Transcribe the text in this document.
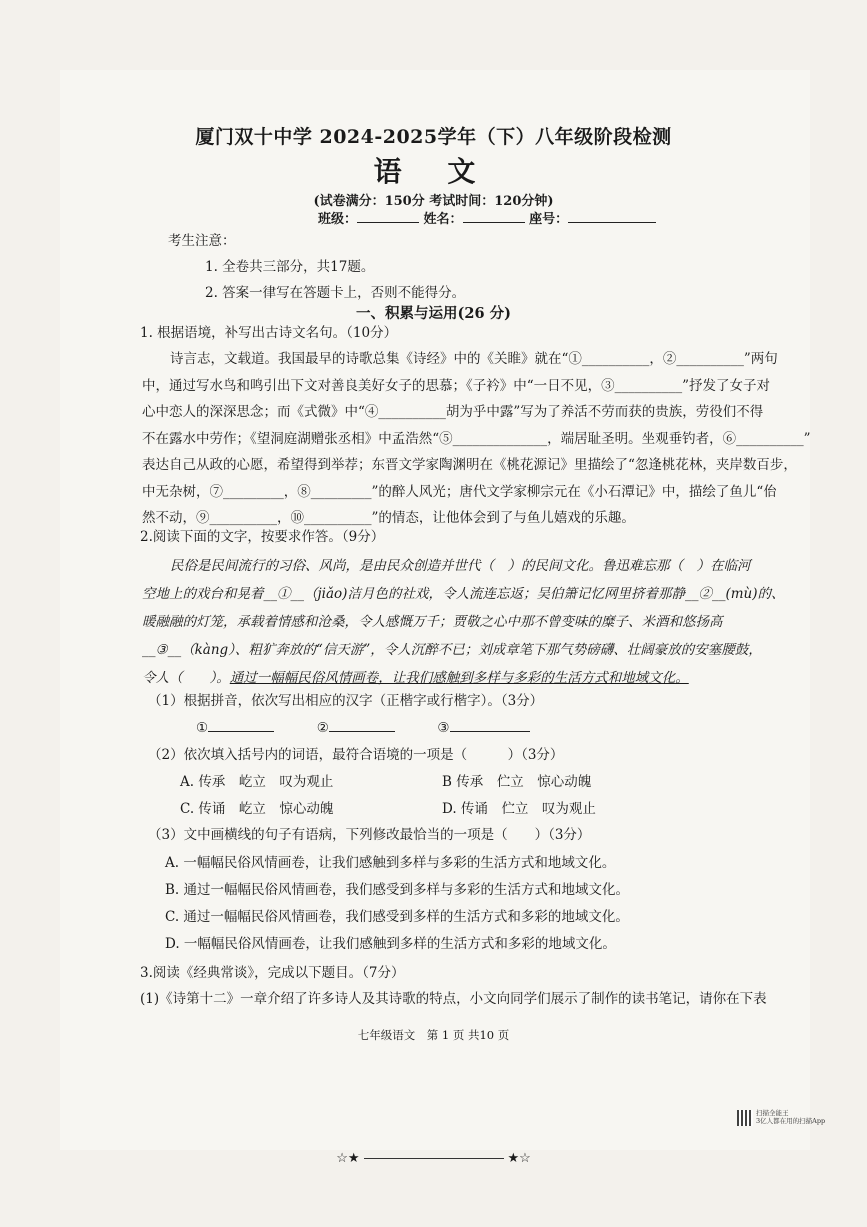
厦门双十中学 2024-2025学年（下）八年级阶段检测
语 文
(试卷满分：150分 考试时间：120分钟)
班级：	姓名：	座号：
考生注意：
1. 全卷共三部分，共17题。
2. 答案一律写在答题卡上，否则不能得分。
一、积累与运用(26 分)
1. 根据语境，补写出古诗文名句。（10分）
诗言志，文载道。我国最早的诗歌总集《诗经》中的《关睢》就在“①__________，②__________”两句
中，通过写水鸟和鸣引出下文对善良美好女子的思慕；《子衿》中“一日不见，③__________”抒发了女子对
心中恋人的深深思念；而《式微》中“④__________胡为乎中露”写为了养活不劳而获的贵族，劳役们不得
不在露水中劳作；《望洞庭湖赠张丞相》中孟浩然“⑤______________，端居耻圣明。坐观垂钓者，⑥__________”
表达自己从政的心愿，希望得到举荐；东晋文学家陶渊明在《桃花源记》里描绘了“忽逢桃花林，夹岸数百步，
中无杂树，⑦_________，⑧_________”的醉人风光；唐代文学家柳宗元在《小石潭记》中，描绘了鱼儿“佁
然不动，⑨__________，⑩__________”的情态，让他体会到了与鱼儿嬉戏的乐趣。
2.阅读下面的文字，按要求作答。（9分）
民俗是民间流行的习俗、风尚，是由民众创造并世代（　）的民间文化。鲁迅难忘那（　）在临河
空地上的戏台和晃着__①__（jiǎo)洁月色的社戏，令人流连忘返；吴伯箫记忆网里挤着那静__②__(mù)的、
暖融融的灯笼，承载着情感和沧桑，令人感慨万千；贾敬之心中那不曾变味的糜子、米酒和悠扬高
__③__（kàng）、粗犷奔放的“信天游”，令人沉醉不已；刘成章笔下那气势磅礴、壮阔豪放的安塞腰鼓，
令人（　　）。通过一幅幅民俗风情画卷，让我们感触到多样与多彩的生活方式和地域文化。
（1）根据拼音，依次写出相应的汉字（正楷字或行楷字）。（3分）
①	②	③
（2）依次填入括号内的词语，最符合语境的一项是（　　　）（3分）
A. 传承　屹立　叹为观止	B 传承　伫立　惊心动魄
C. 传诵　屹立　惊心动魄	D. 传诵　伫立　叹为观止
（3）文中画横线的句子有语病，下列修改最恰当的一项是（　　）（3分）
A. 一幅幅民俗风情画卷，让我们感触到多样与多彩的生活方式和地域文化。
B. 通过一幅幅民俗风情画卷，我们感受到多样与多彩的生活方式和地域文化。
C. 通过一幅幅民俗风情画卷，我们感受到多样的生活方式和多彩的地域文化。
D. 一幅幅民俗风情画卷，让我们感触到多样的生活方式和多彩的地域文化。
3.阅读《经典常谈》，完成以下题目。（7分）
(1)《诗第十二》一章介绍了许多诗人及其诗歌的特点，小文向同学们展示了制作的读书笔记，请你在下表
七年级语文　第 1 页 共10 页
扫描全能王
3亿人都在用的扫描App
☆★	★☆
